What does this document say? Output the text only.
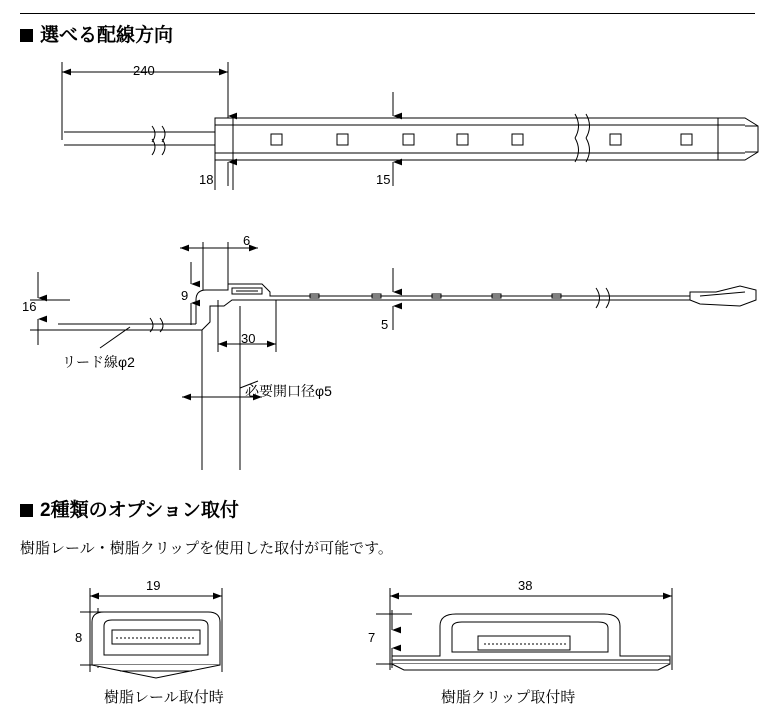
選べる配線方向
2種類のオプション取付
樹脂レール・樹脂クリップを使用した取付が可能です。
240
18	15
6
16
9
5
30
リード線φ2
必要開口径φ5
19
8
38
7
樹脂レール取付時	樹脂クリップ取付時
